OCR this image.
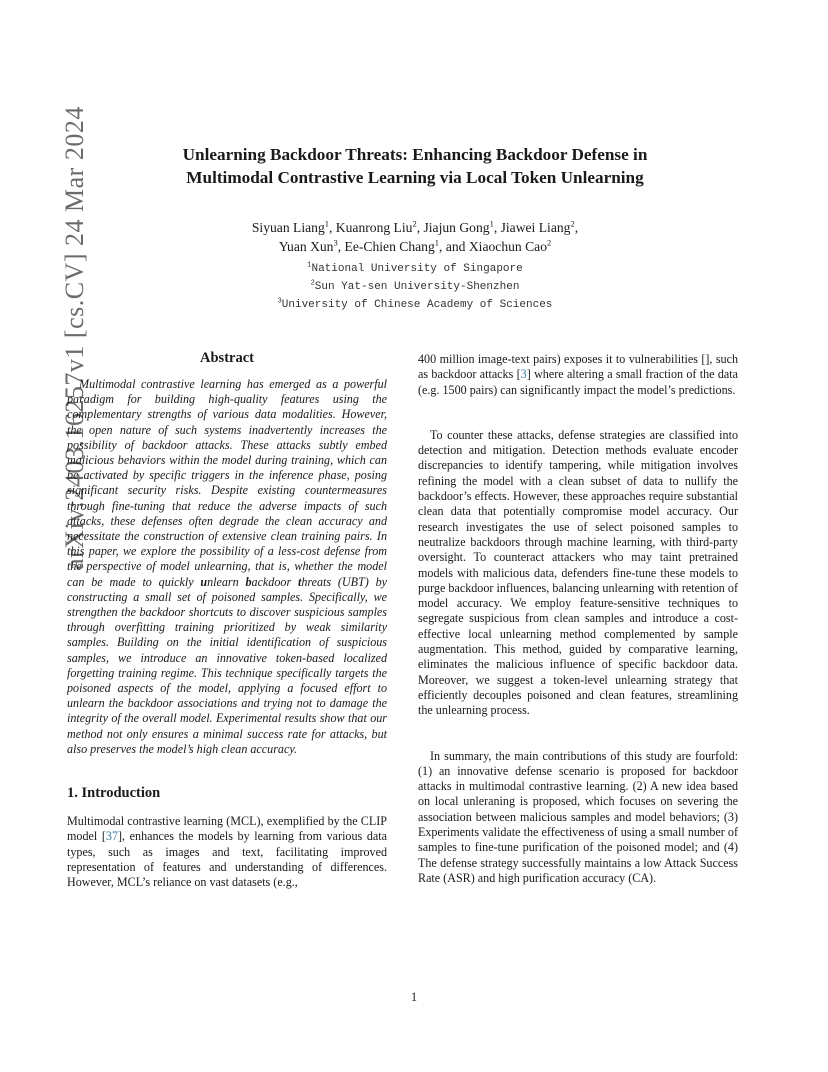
arXiv:2403.16257v1 [cs.CV] 24 Mar 2024	Unlearning Backdoor Threats: Enhancing Backdoor Defense in
Multimodal Contrastive Learning via Local Token Unlearning
Siyuan Liang$^1$, Kuanrong Liu$^2$, Jiajun Gong$^1$, Jiawei Liang$^2$,
Yuan Xun$^3$, Ee-Chien Chang$^1$, and Xiaochun Cao$^2$
$^1$National University of Singapore
$^2$Sun Yat-sen University-Shenzhen
$^3$University of Chinese Academy of Sciences
Abstract

Multimodal contrastive learning has emerged as a powerful paradigm for building high-quality features using the complementary strengths of various data modalities. However, the open nature of such systems inadvertently increases the possibility of backdoor attacks. These attacks subtly embed malicious behaviors within the model during training, which can be activated by specific triggers in the inference phase, posing significant security risks. Despite existing countermeasures through fine-tuning that reduce the adverse impacts of such attacks, these defenses often degrade the clean accuracy and necessitate the construction of extensive clean training pairs. In this paper, we explore the possibility of a less-cost defense from the perspective of model unlearning, that is, whether the model can be made to quickly unlearn backdoor threats (UBT) by constructing a small set of poisoned samples. Specifically, we strengthen the backdoor shortcuts to discover suspicious samples through overfitting training prioritized by weak similarity samples. Building on the initial identification of suspicious samples, we introduce an innovative token-based localized forgetting training regime. This technique specifically targets the poisoned aspects of the model, applying a focused effort to unlearn the backdoor associations and trying not to damage the integrity of the overall model. Experimental results show that our method not only ensures a minimal success rate for attacks, but also preserves the model’s high clean accuracy.

1. Introduction

Multimodal contrastive learning (MCL), exemplified by the CLIP model [37], enhances the models by learning from various data types, such as images and text, facilitating improved representation of features and understanding of differences. However, MCL’s reliance on vast datasets (e.g.,

400 million image-text pairs) exposes it to vulnerabilities [], such as backdoor attacks [3] where altering a small fraction of the data (e.g. 1500 pairs) can significantly impact the model’s predictions.

To counter these attacks, defense strategies are classified into detection and mitigation. Detection methods evaluate encoder discrepancies to identify tampering, while mitigation involves refining the model with a clean subset of data to nullify the backdoor’s effects. However, these approaches require substantial clean data that potentially compromise model accuracy. Our research investigates the use of select poisoned samples to neutralize backdoors through machine learning, with third-party oversight. To counteract attackers who may taint pretrained models with malicious data, defenders fine-tune these models to purge backdoor influences, balancing unlearning with retention of model accuracy. We employ feature-sensitive techniques to segregate suspicious from clean samples and introduce a cost-effective local unlearning method complemented by sample augmentation. This method, guided by comparative learning, eliminates the malicious influence of specific backdoor data. Moreover, we suggest a token-level unlearning strategy that efficiently decouples poisoned and clean features, streamlining the unlearning process.

In summary, the main contributions of this study are fourfold: (1) an innovative defense scenario is proposed for backdoor attacks in multimodal contrastive learning. (2) A new idea based on local unleraning is proposed, which focuses on severing the association between malicious samples and model behaviors; (3) Experiments validate the effectiveness of using a small number of samples to fine-tune purification of the poisoned model; and (4) The defense strategy successfully maintains a low Attack Success Rate (ASR) and high purification accuracy (CA).

1
